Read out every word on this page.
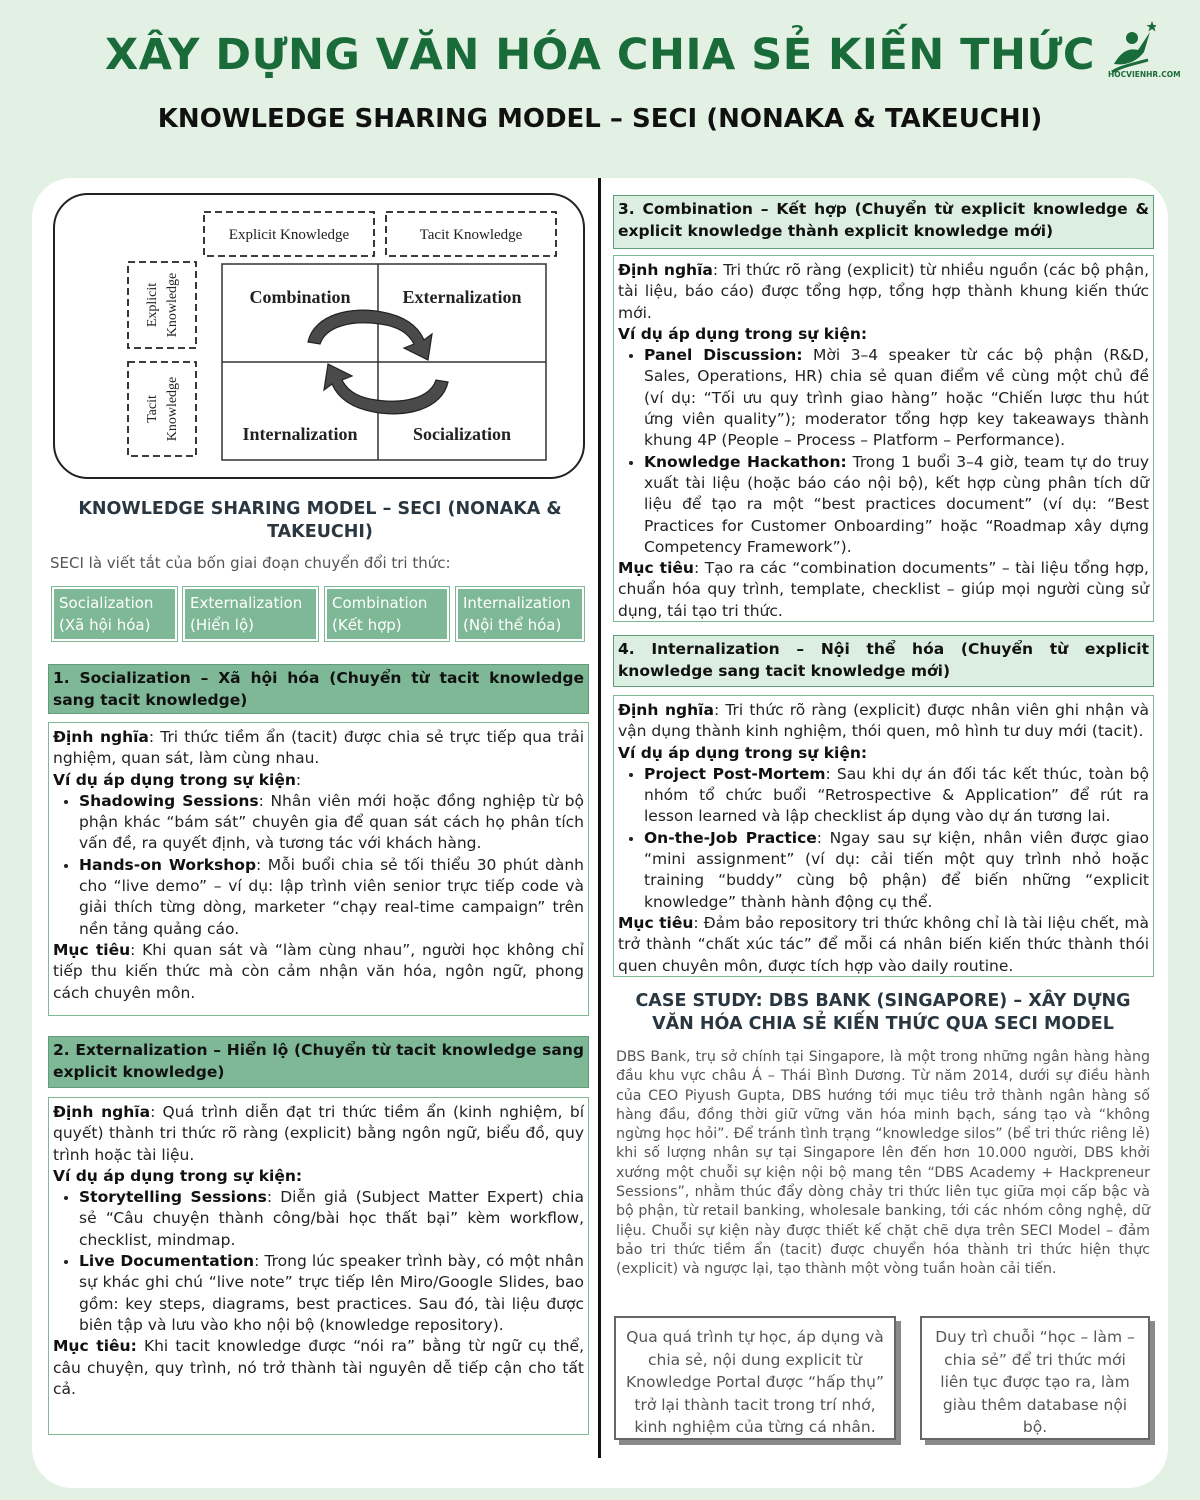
XÂY DỰNG VĂN HÓA CHIA SẺ KIẾN THỨC
KNOWLEDGE SHARING MODEL – SECI (NONAKA & TAKEUCHI)
HOCVIENHR.COM
Explicit Knowledge	Tacit Knowledge
Explicit Knowledge
Tacit Knowledge
Combination	Externalization
Internalization	Socialization
KNOWLEDGE SHARING MODEL – SECI (NONAKA & TAKEUCHI)
SECI là viết tắt của bốn giai đoạn chuyển đổi tri thức:
Socialization
(Xã hội hóa)
Externalization
(Hiển lộ)
Combination
(Kết hợp)
Internalization
(Nội thể hóa)
1. Socialization – Xã hội hóa (Chuyển từ tacit knowledge sang tacit knowledge)
Định nghĩa: Tri thức tiềm ẩn (tacit) được chia sẻ trực tiếp qua trải nghiệm, quan sát, làm cùng nhau.
Ví dụ áp dụng trong sự kiện:
• Shadowing Sessions: Nhân viên mới hoặc đồng nghiệp từ bộ phận khác “bám sát” chuyên gia để quan sát cách họ phân tích vấn đề, ra quyết định, và tương tác với khách hàng.
• Hands-on Workshop: Mỗi buổi chia sẻ tối thiểu 30 phút dành cho “live demo” – ví dụ: lập trình viên senior trực tiếp code và giải thích từng dòng, marketer “chạy real-time campaign” trên nền tảng quảng cáo.
Mục tiêu: Khi quan sát và “làm cùng nhau”, người học không chỉ tiếp thu kiến thức mà còn cảm nhận văn hóa, ngôn ngữ, phong cách chuyên môn.
2. Externalization – Hiển lộ (Chuyển từ tacit knowledge sang explicit knowledge)
Định nghĩa: Quá trình diễn đạt tri thức tiềm ẩn (kinh nghiệm, bí quyết) thành tri thức rõ ràng (explicit) bằng ngôn ngữ, biểu đồ, quy trình hoặc tài liệu.
Ví dụ áp dụng trong sự kiện:
• Storytelling Sessions: Diễn giả (Subject Matter Expert) chia sẻ “Câu chuyện thành công/bài học thất bại” kèm workflow, checklist, mindmap.
• Live Documentation: Trong lúc speaker trình bày, có một nhân sự khác ghi chú “live note” trực tiếp lên Miro/Google Slides, bao gồm: key steps, diagrams, best practices. Sau đó, tài liệu được biên tập và lưu vào kho nội bộ (knowledge repository).
Mục tiêu: Khi tacit knowledge được “nói ra” bằng từ ngữ cụ thể, câu chuyện, quy trình, nó trở thành tài nguyên dễ tiếp cận cho tất cả.
3. Combination – Kết hợp (Chuyển từ explicit knowledge & explicit knowledge thành explicit knowledge mới)
Định nghĩa: Tri thức rõ ràng (explicit) từ nhiều nguồn (các bộ phận, tài liệu, báo cáo) được tổng hợp, tổng hợp thành khung kiến thức mới.
Ví dụ áp dụng trong sự kiện:
• Panel Discussion: Mời 3–4 speaker từ các bộ phận (R&D, Sales, Operations, HR) chia sẻ quan điểm về cùng một chủ đề (ví dụ: “Tối ưu quy trình giao hàng” hoặc “Chiến lược thu hút ứng viên quality”); moderator tổng hợp key takeaways thành khung 4P (People – Process – Platform – Performance).
• Knowledge Hackathon: Trong 1 buổi 3–4 giờ, team tự do truy xuất tài liệu (hoặc báo cáo nội bộ), kết hợp cùng phân tích dữ liệu để tạo ra một “best practices document” (ví dụ: “Best Practices for Customer Onboarding” hoặc “Roadmap xây dựng Competency Framework”).
Mục tiêu: Tạo ra các “combination documents” – tài liệu tổng hợp, chuẩn hóa quy trình, template, checklist – giúp mọi người cùng sử dụng, tái tạo tri thức.
4. Internalization – Nội thể hóa (Chuyển từ explicit knowledge sang tacit knowledge mới)
Định nghĩa: Tri thức rõ ràng (explicit) được nhân viên ghi nhận và vận dụng thành kinh nghiệm, thói quen, mô hình tư duy mới (tacit).
Ví dụ áp dụng trong sự kiện:
• Project Post-Mortem: Sau khi dự án đối tác kết thúc, toàn bộ nhóm tổ chức buổi “Retrospective & Application” để rút ra lesson learned và lập checklist áp dụng vào dự án tương lai.
• On-the-Job Practice: Ngay sau sự kiện, nhân viên được giao “mini assignment” (ví dụ: cải tiến một quy trình nhỏ hoặc training “buddy” cùng bộ phận) để biến những “explicit knowledge” thành hành động cụ thể.
Mục tiêu: Đảm bảo repository tri thức không chỉ là tài liệu chết, mà trở thành “chất xúc tác” để mỗi cá nhân biến kiến thức thành thói quen chuyên môn, được tích hợp vào daily routine.
CASE STUDY: DBS BANK (SINGAPORE) – XÂY DỰNG VĂN HÓA CHIA SẺ KIẾN THỨC QUA SECI MODEL
DBS Bank, trụ sở chính tại Singapore, là một trong những ngân hàng hàng đầu khu vực châu Á – Thái Bình Dương. Từ năm 2014, dưới sự điều hành của CEO Piyush Gupta, DBS hướng tới mục tiêu trở thành ngân hàng số hàng đầu, đồng thời giữ vững văn hóa minh bạch, sáng tạo và “không ngừng học hỏi”. Để tránh tình trạng “knowledge silos” (bể tri thức riêng lẻ) khi số lượng nhân sự tại Singapore lên đến hơn 10.000 người, DBS khởi xướng một chuỗi sự kiện nội bộ mang tên “DBS Academy + Hackpreneur Sessions”, nhằm thúc đẩy dòng chảy tri thức liên tục giữa mọi cấp bậc và bộ phận, từ retail banking, wholesale banking, tới các nhóm công nghệ, dữ liệu. Chuỗi sự kiện này được thiết kế chặt chẽ dựa trên SECI Model – đảm bảo tri thức tiềm ẩn (tacit) được chuyển hóa thành tri thức hiện thực (explicit) và ngược lại, tạo thành một vòng tuần hoàn cải tiến.
Qua quá trình tự học, áp dụng và chia sẻ, nội dung explicit từ Knowledge Portal được “hấp thụ” trở lại thành tacit trong trí nhớ, kinh nghiệm của từng cá nhân.
Duy trì chuỗi “học – làm – chia sẻ” để tri thức mới liên tục được tạo ra, làm giàu thêm database nội bộ.
